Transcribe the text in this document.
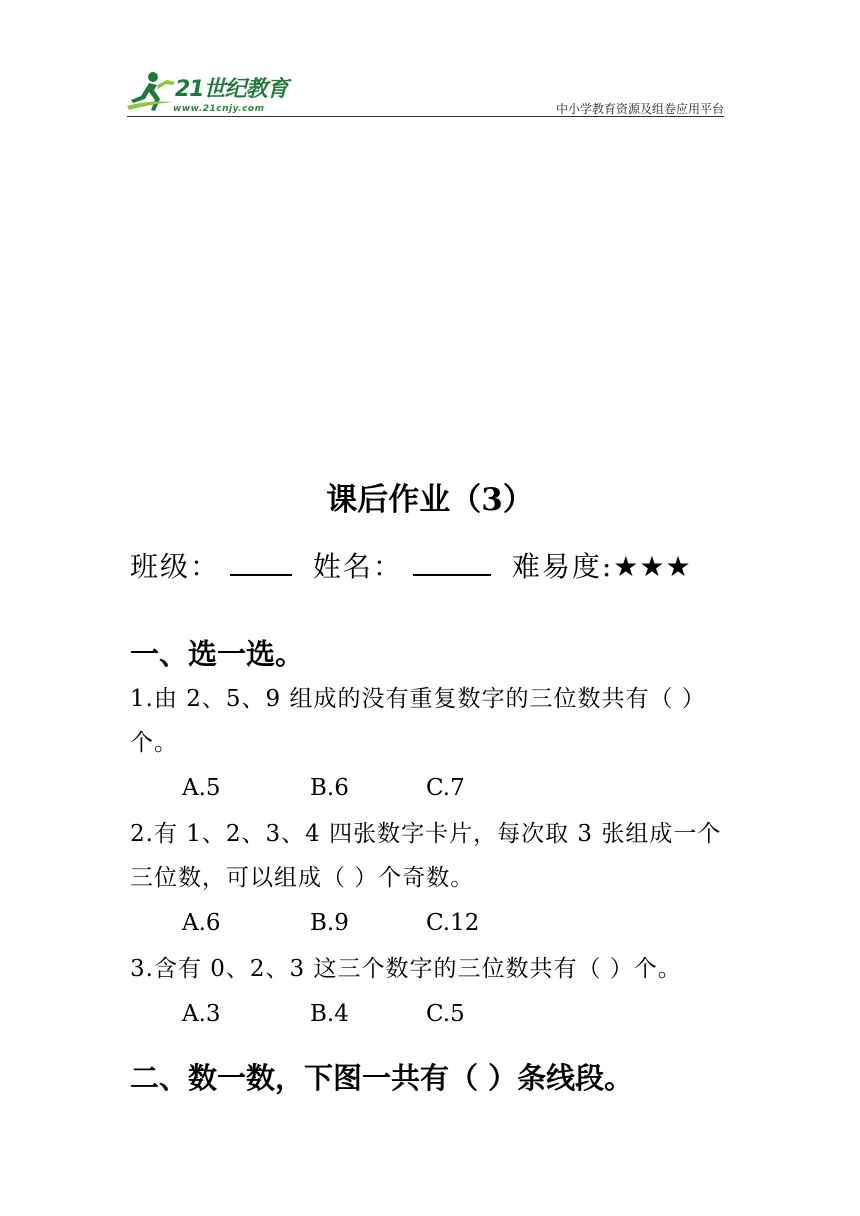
21世纪教育
www.21cnjy.com	中小学教育资源及组卷应用平台
课后作业（3）
班级：	姓名：	难易度:★★★
一、选一选。
1.由 2、5、9 组成的没有重复数字的三位数共有（ ）
个。
A.5	B.6	C.7
2.有 1、2、3、4 四张数字卡片，每次取 3 张组成一个
三位数，可以组成（ ）个奇数。
A.6	B.9	C.12
3.含有 0、2、3 这三个数字的三位数共有（ ）个。
A.3	B.4	C.5
二、数一数，下图一共有（ ）条线段。
